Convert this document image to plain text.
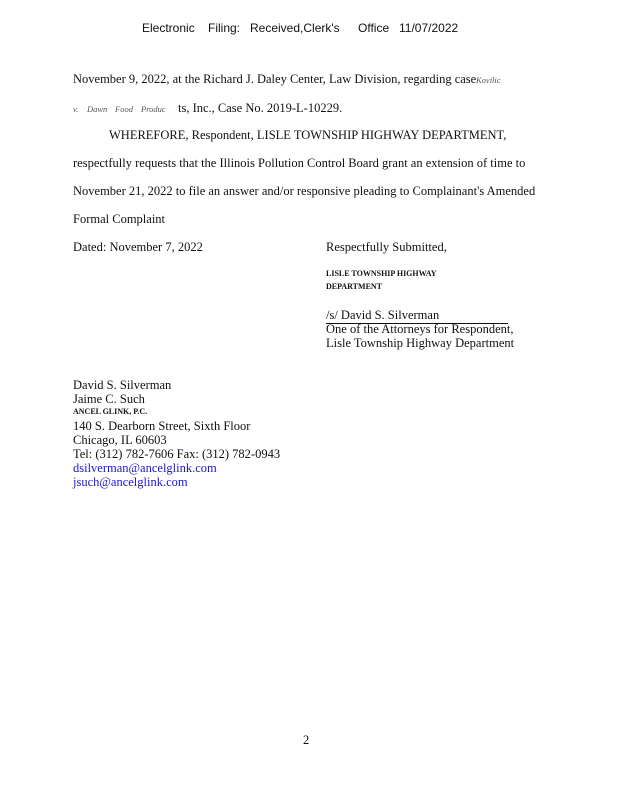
Electronic Filing: Received,Clerk's Office 11/07/2022
November 9, 2022, at the Richard J. Daley Center, Law Division, regarding case Kovilic
v. Dawn Food Produc ts, Inc., Case No. 2019-L-10229.
WHEREFORE, Respondent, LISLE TOWNSHIP HIGHWAY DEPARTMENT,
respectfully requests that the Illinois Pollution Control Board grant an extension of time to
November 21, 2022 to file an answer and/or responsive pleading to Complainant's Amended
Formal Complaint
Dated: November 7, 2022	Respectfully Submitted,
LISLE TOWNSHIP HIGHWAY
DEPARTMENT
/s/ David S. Silverman
One of the Attorneys for Respondent,
Lisle Township Highway Department
David S. Silverman
Jaime C. Such
ANCEL GLINK, P.C.
140 S. Dearborn Street, Sixth Floor
Chicago, IL 60603
Tel: (312) 782-7606 Fax: (312) 782-0943
dsilverman@ancelglink.com
jsuch@ancelglink.com
2
